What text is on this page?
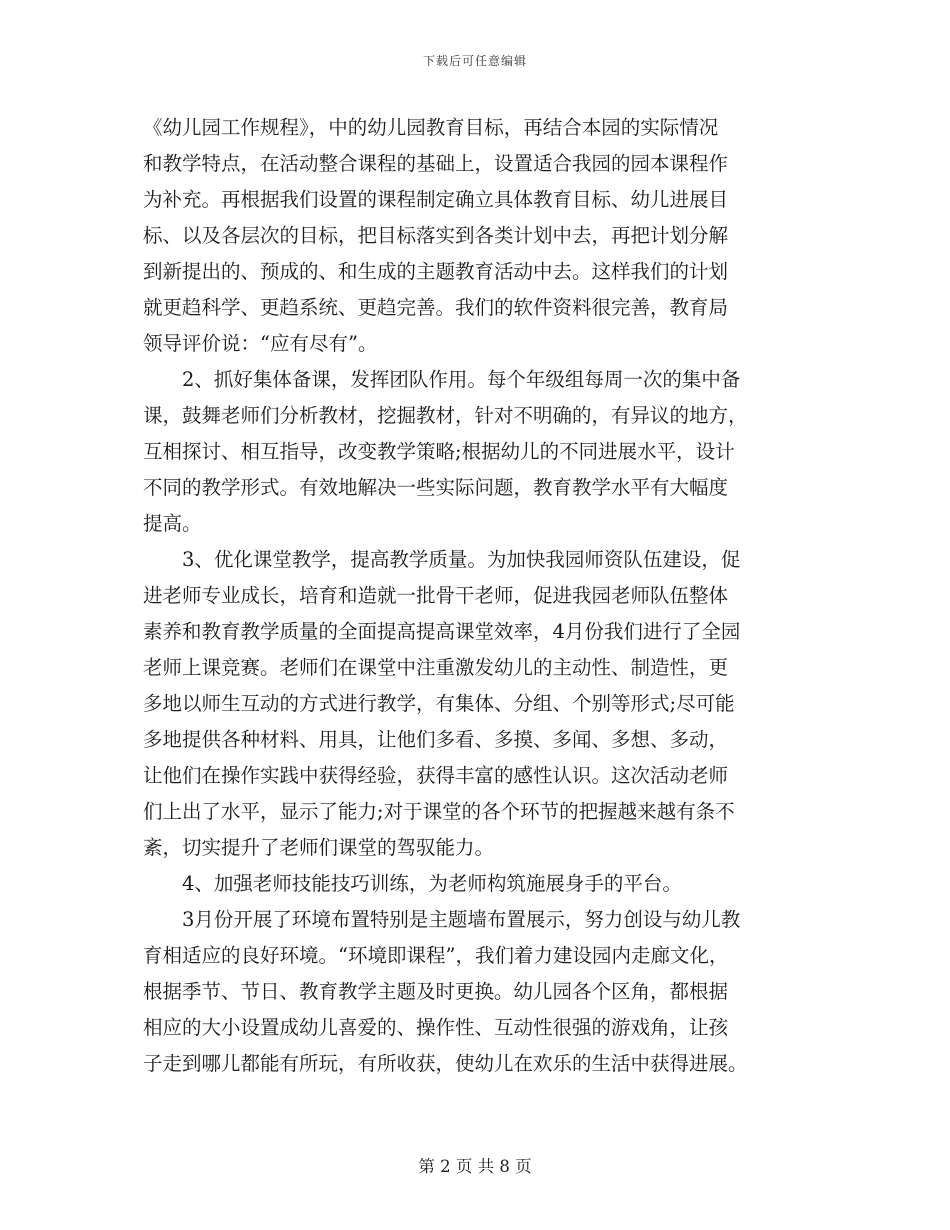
下载后可任意编辑
《幼儿园工作规程》，中的幼儿园教育目标，再结合本园的实际情况
和教学特点，在活动整合课程的基础上，设置适合我园的园本课程作
为补充。再根据我们设置的课程制定确立具体教育目标、幼儿进展目
标、以及各层次的目标，把目标落实到各类计划中去，再把计划分解
到新提出的、预成的、和生成的主题教育活动中去。这样我们的计划
就更趋科学、更趋系统、更趋完善。我们的软件资料很完善，教育局
领导评价说：“应有尽有”。
2、抓好集体备课，发挥团队作用。每个年级组每周一次的集中备
课，鼓舞老师们分析教材，挖掘教材，针对不明确的，有异议的地方，
互相探讨、相互指导，改变教学策略;根据幼儿的不同进展水平，设计
不同的教学形式。有效地解决一些实际问题，教育教学水平有大幅度
提高。
3、优化课堂教学，提高教学质量。为加快我园师资队伍建设，促
进老师专业成长，培育和造就一批骨干老师，促进我园老师队伍整体
素养和教育教学质量的全面提高提高课堂效率，4月份我们进行了全园
老师上课竞赛。老师们在课堂中注重激发幼儿的主动性、制造性，更
多地以师生互动的方式进行教学，有集体、分组、个别等形式;尽可能
多地提供各种材料、用具，让他们多看、多摸、多闻、多想、多动，
让他们在操作实践中获得经验，获得丰富的感性认识。这次活动老师
们上出了水平，显示了能力;对于课堂的各个环节的把握越来越有条不
紊，切实提升了老师们课堂的驾驭能力。
4、加强老师技能技巧训练，为老师构筑施展身手的平台。
3月份开展了环境布置特别是主题墙布置展示，努力创设与幼儿教
育相适应的良好环境。“环境即课程”，我们着力建设园内走廊文化，
根据季节、节日、教育教学主题及时更换。幼儿园各个区角，都根据
相应的大小设置成幼儿喜爱的、操作性、互动性很强的游戏角，让孩
子走到哪儿都能有所玩，有所收获，使幼儿在欢乐的生活中获得进展。
第 2 页 共 8 页
